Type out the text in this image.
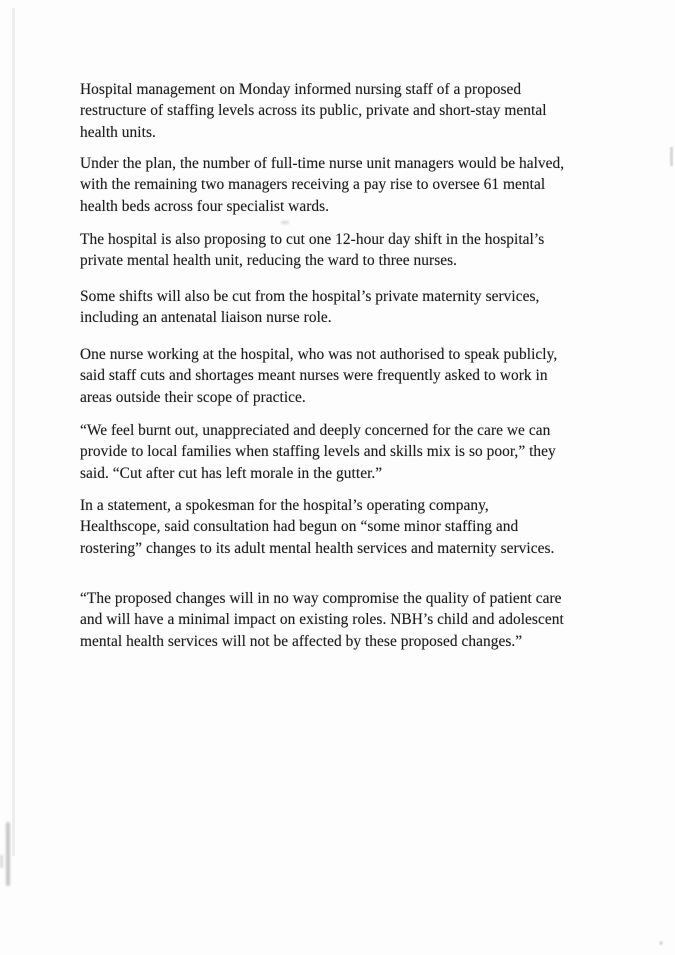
Hospital management on Monday informed nursing staff of a proposed
restructure of staffing levels across its public, private and short-stay mental
health units.
Under the plan, the number of full-time nurse unit managers would be halved,
with the remaining two managers receiving a pay rise to oversee 61 mental
health beds across four specialist wards.
The hospital is also proposing to cut one 12-hour day shift in the hospital’s
private mental health unit, reducing the ward to three nurses.
Some shifts will also be cut from the hospital’s private maternity services,
including an antenatal liaison nurse role.
One nurse working at the hospital, who was not authorised to speak publicly,
said staff cuts and shortages meant nurses were frequently asked to work in
areas outside their scope of practice.
“We feel burnt out, unappreciated and deeply concerned for the care we can
provide to local families when staffing levels and skills mix is so poor,” they
said. “Cut after cut has left morale in the gutter.”
In a statement, a spokesman for the hospital’s operating company,
Healthscope, said consultation had begun on “some minor staffing and
rostering” changes to its adult mental health services and maternity services.
“The proposed changes will in no way compromise the quality of patient care
and will have a minimal impact on existing roles. NBH’s child and adolescent
mental health services will not be affected by these proposed changes.”
